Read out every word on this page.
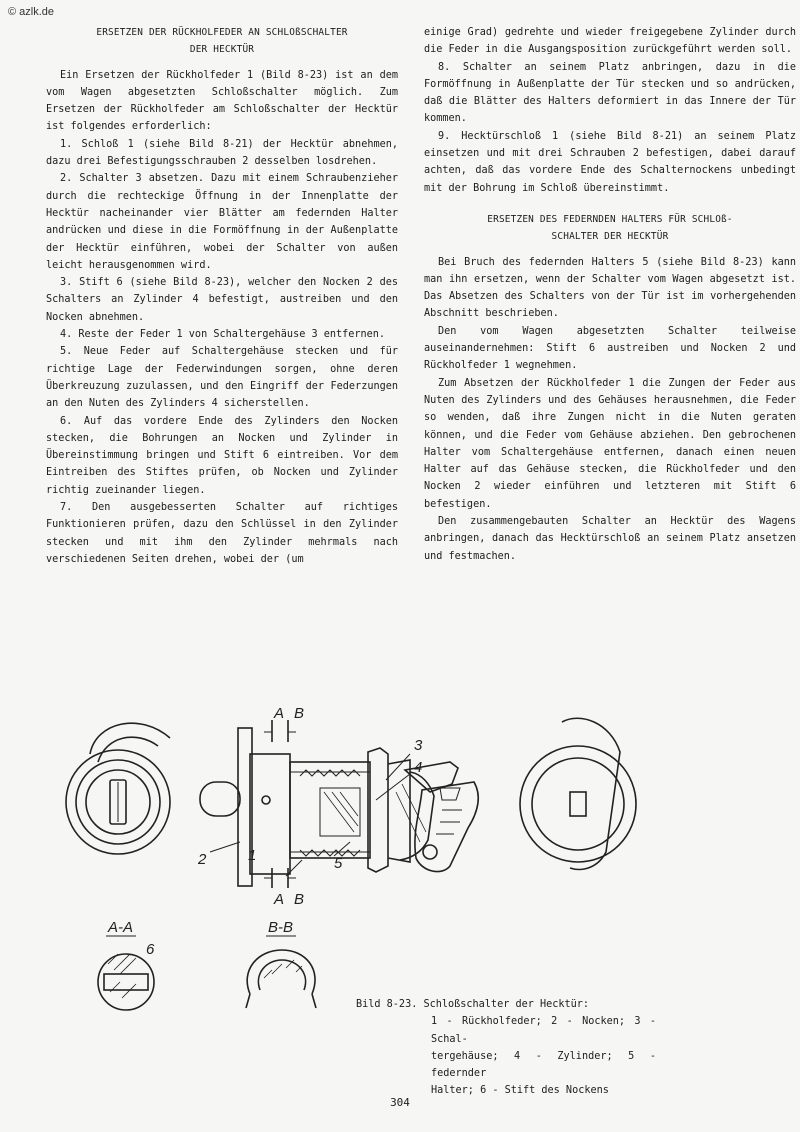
© azlk.de
ERSETZEN DER RÜCKHOLFEDER AN SCHLOßSCHALTER
DER HECKTÜR

Ein Ersetzen der Rückholfeder 1 (Bild 8-23) ist an dem vom Wagen abgesetzten Schloßschalter möglich. Zum Ersetzen der Rückholfeder am Schloßschalter der Hecktür ist folgendes erforderlich:

1. Schloß 1 (siehe Bild 8-21) der Hecktür abnehmen, dazu drei Befestigungsschrauben 2 desselben losdrehen.

2. Schalter 3 absetzen. Dazu mit einem Schraubenzieher durch die rechteckige Öffnung in der Innenplatte der Hecktür nacheinander vier Blätter am federnden Halter andrücken und diese in die Formöffnung in der Außenplatte der Hecktür einführen, wobei der Schalter von außen leicht herausgenommen wird.

3. Stift 6 (siehe Bild 8-23), welcher den Nocken 2 des Schalters an Zylinder 4 befestigt, austreiben und den Nocken abnehmen.

4. Reste der Feder 1 von Schaltergehäuse 3 entfernen.

5. Neue Feder auf Schaltergehäuse stecken und für richtige Lage der Federwindungen sorgen, ohne deren Überkreuzung zuzulassen, und den Eingriff der Federzungen an den Nuten des Zylinders 4 sicherstellen.

6. Auf das vordere Ende des Zylinders den Nocken stecken, die Bohrungen an Nocken und Zylinder in Übereinstimmung bringen und Stift 6 eintreiben. Vor dem Eintreiben des Stiftes prüfen, ob Nocken und Zylinder richtig zueinander liegen.

7. Den ausgebesserten Schalter auf richtiges Funktionieren prüfen, dazu den Schlüssel in den Zylinder stecken und mit ihm den Zylinder mehrmals nach verschiedenen Seiten drehen, wobei der (um

einige Grad) gedrehte und wieder freigegebene Zylinder durch die Feder in die Ausgangsposition zurückgeführt werden soll.

8. Schalter an seinem Platz anbringen, dazu in die Formöffnung in Außenplatte der Tür stecken und so andrücken, daß die Blätter des Halters deformiert in das Innere der Tür kommen.

9. Hecktürschloß 1 (siehe Bild 8-21) an seinem Platz einsetzen und mit drei Schrauben 2 befestigen, dabei darauf achten, daß das vordere Ende des Schalternockens unbedingt mit der Bohrung im Schloß übereinstimmt.

ERSETZEN DES FEDERNDEN HALTERS FÜR SCHLOß-
SCHALTER DER HECKTÜR

Bei Bruch des federnden Halters 5 (siehe Bild 8-23) kann man ihn ersetzen, wenn der Schalter vom Wagen abgesetzt ist. Das Absetzen des Schalters von der Tür ist im vorhergehenden Abschnitt beschrieben.

Den vom Wagen abgesetzten Schalter teilweise auseinandernehmen: Stift 6 austreiben und Nocken 2 und Rückholfeder 1 wegnehmen.

Zum Absetzen der Rückholfeder 1 die Zungen der Feder aus Nuten des Zylinders und des Gehäuses herausnehmen, die Feder so wenden, daß ihre Zungen nicht in die Nuten geraten können, und die Feder vom Gehäuse abziehen. Den gebrochenen Halter vom Schaltergehäuse entfernen, danach einen neuen Halter auf das Gehäuse stecken, die Rückholfeder und den Nocken 2 wieder einführen und letzteren mit Stift 6 befestigen.

Den zusammengebauten Schalter an Hecktür des Wagens anbringen, danach das Hecktürschloß an seinem Platz ansetzen und festmachen.

A B
A B
3
4
1
2	5
6
A-A	B-B

Bild 8-23. Schloßschalter der Hecktür:

1 - Rückholfeder; 2 - Nocken; 3 - Schal-

tergehäuse; 4 - Zylinder; 5 - federnder

Halter; 6 - Stift des Nockens

304
